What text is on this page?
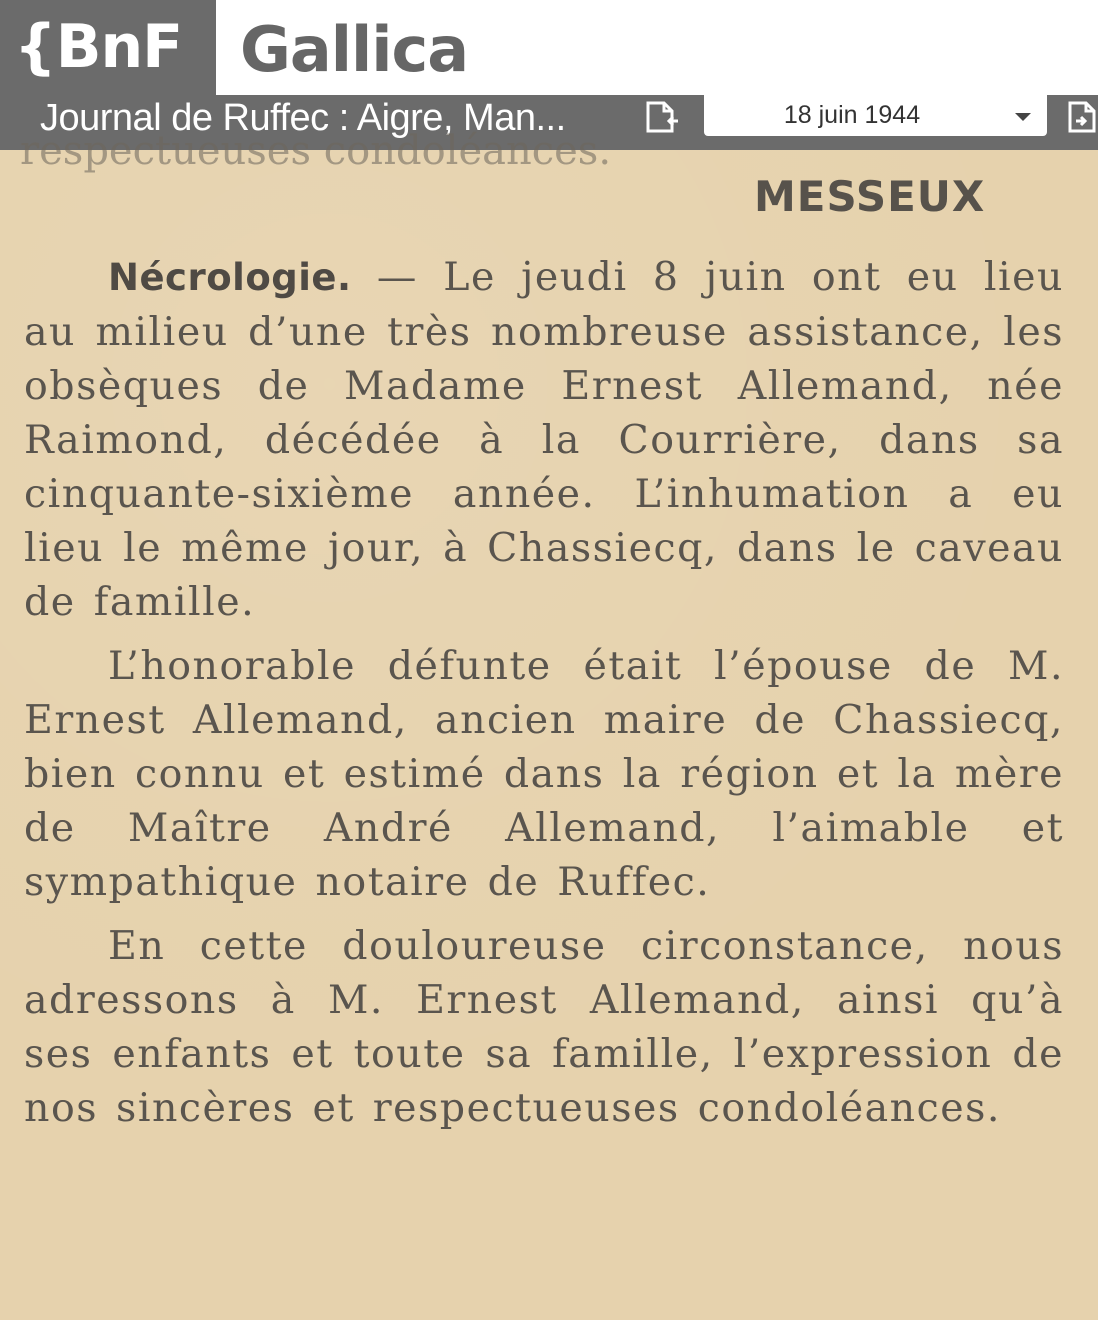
{BnF Gallica
Journal de Ruffec : Aigre, Man...	18 juin 1944
respectueuses condoléances.
MESSEUX

Nécrologie. — Le jeudi 8 juin ont eu lieu au milieu d’une très nombreuse assistance, les obsèques de Madame Ernest Allemand, née Raimond, décédée à la Courrière, dans sa cinquante-sixième année. L’inhumation a eu lieu le même jour, à Chassiecq, dans le caveau de famille.

L’honorable défunte était l’épouse de M. Ernest Allemand, ancien maire de Chassiecq, bien connu et estimé dans la région et la mère de Maître André Allemand, l’aimable et sympathique notaire de Ruffec.

En cette douloureuse circonstance, nous adressons à M. Ernest Allemand, ainsi qu’à ses enfants et toute sa famille, l’expression de nos sincères et respectueuses condoléances.
